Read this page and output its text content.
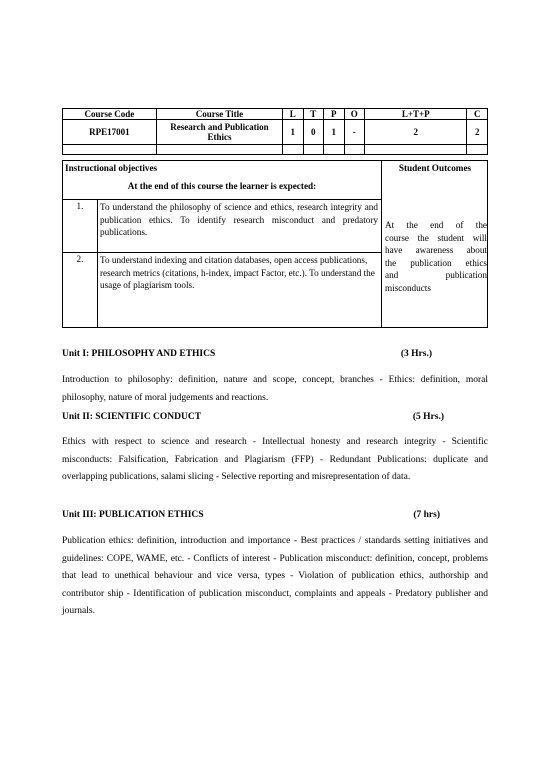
Course Code	Course Title	L	T	P	O	L+T+P	C
RPE17001	Research and Publication Ethics	1	0	1	-	2	2

Instructional objectives
At the end of this course the learner is expected:
Student Outcomes
1.	To understand the philosophy of science and ethics, research integrity and publication ethics. To identify research misconduct and predatory publications.
2.	To understand indexing and citation databases, open access publications, research metrics (citations, h-index, impact Factor, etc.). To understand the usage of plagiarism tools.
At the end of the
course the student will
have awareness about
the publication ethics
and publication
misconducts
Unit I: PHILOSOPHY AND ETHICS	(3 Hrs.)
Introduction to philosophy: definition, nature and scope, concept, branches - Ethics: definition, moral philosophy, nature of moral judgements and reactions.
Unit II: SCIENTIFIC CONDUCT	(5 Hrs.)
Ethics with respect to science and research - Intellectual honesty and research integrity - Scientific misconducts: Falsification, Fabrication and Plagiarism (FFP) - Redundant Publications: duplicate and overlapping publications, salami slicing - Selective reporting and misrepresentation of data.
Unit III: PUBLICATION ETHICS	(7 hrs)
Publication ethics: definition, introduction and importance - Best practices / standards setting initiatives and guidelines: COPE, WAME, etc. - Conflicts of interest - Publication misconduct: definition, concept, problems that lead to unethical behaviour and vice versa, types - Violation of publication ethics, authorship and contributor ship - Identification of publication misconduct, complaints and appeals - Predatory publisher and journals.
